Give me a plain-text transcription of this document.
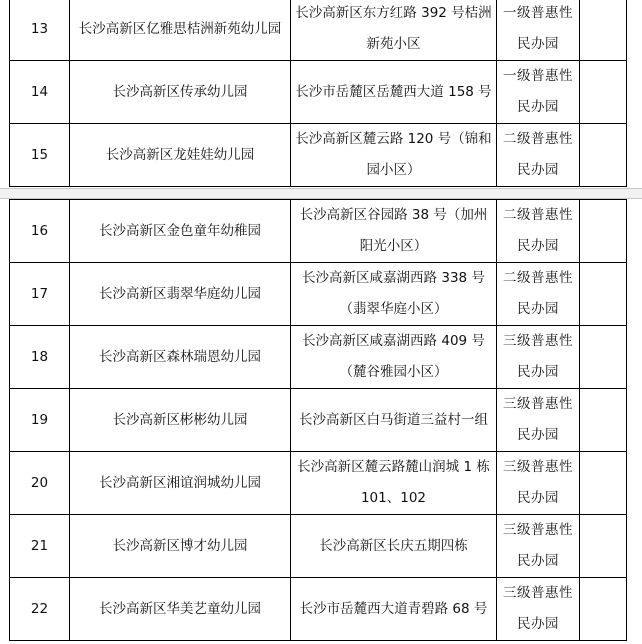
13	长沙高新区亿雅思桔洲新苑幼儿园	长沙高新区东方红路 392 号桔洲新苑小区	一级普惠性民办园	

14	长沙高新区传承幼儿园	长沙市岳麓区岳麓西大道 158 号	一级普惠性民办园	

15	长沙高新区龙娃娃幼儿园	长沙高新区麓云路 120 号（锦和园小区）	二级普惠性民办园	

16	长沙高新区金色童年幼稚园	长沙高新区谷园路 38 号（加州阳光小区）	二级普惠性民办园	

17	长沙高新区翡翠华庭幼儿园	长沙高新区咸嘉湖西路 338 号（翡翠华庭小区）	二级普惠性民办园	

18	长沙高新区森林瑞恩幼儿园	长沙高新区咸嘉湖西路 409 号（麓谷雅园小区）	三级普惠性民办园	

19	长沙高新区彬彬幼儿园	长沙高新区白马街道三益村一组	三级普惠性民办园	

20	长沙高新区湘谊润城幼儿园	长沙高新区麓云路麓山润城 1 栋 101、102	三级普惠性民办园	

21	长沙高新区博才幼儿园	长沙高新区长庆五期四栋	三级普惠性民办园	

22	长沙高新区华美艺童幼儿园	长沙市岳麓西大道青碧路 68 号	三级普惠性民办园	
